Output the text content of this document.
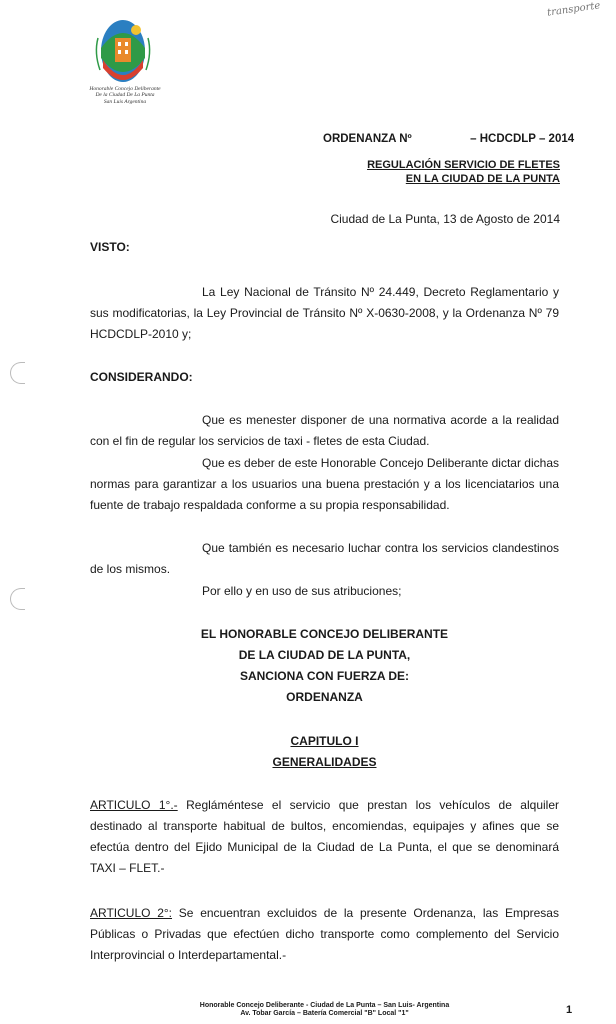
Honorable Concejo Deliberante
De la Ciudad De La Punta
San Luis Argentina
transporte
ORDENANZA Nº	– HCDCDLP – 2014
REGULACIÓN SERVICIO DE FLETES
EN LA CIUDAD DE LA PUNTA
Ciudad de La Punta, 13 de Agosto de 2014
VISTO:

La Ley Nacional de Tránsito Nº 24.449, Decreto Reglamentario y sus modificatorias, la Ley Provincial de Tránsito Nº X-0630-2008, y la Ordenanza Nº 79 HCDCDLP-2010 y;

CONSIDERANDO:

Que es menester disponer de una normativa acorde a la realidad con el fin de regular los servicios de taxi - fletes de esta Ciudad.

Que es deber de este Honorable Concejo Deliberante dictar dichas normas para garantizar a los usuarios una buena prestación y a los licenciatarios una fuente de trabajo respaldada conforme a su propia responsabilidad.

Que también es necesario luchar contra los servicios clandestinos de los mismos.

Por ello y en uso de sus atribuciones;

EL HONORABLE CONCEJO DELIBERANTE
DE LA CIUDAD DE LA PUNTA,
SANCIONA CON FUERZA DE:
ORDENANZA
CAPITULO I
GENERALIDADES

ARTICULO 1°.- Regláméntese el servicio que prestan los vehículos de alquiler destinado al transporte habitual de bultos, encomiendas, equipajes y afines que se efectúa dentro del Ejido Municipal de la Ciudad de La Punta, el que se denominará TAXI – FLET.-

ARTICULO 2°: Se encuentran excluidos de la presente Ordenanza, las Empresas Públicas o Privadas que efectúen dicho transporte como complemento del Servicio Interprovincial o Interdepartamental.-

Honorable Concejo Deliberante - Ciudad de La Punta – San Luis- Argentina
Av. Tobar García – Batería Comercial "B" Local "1"	1
